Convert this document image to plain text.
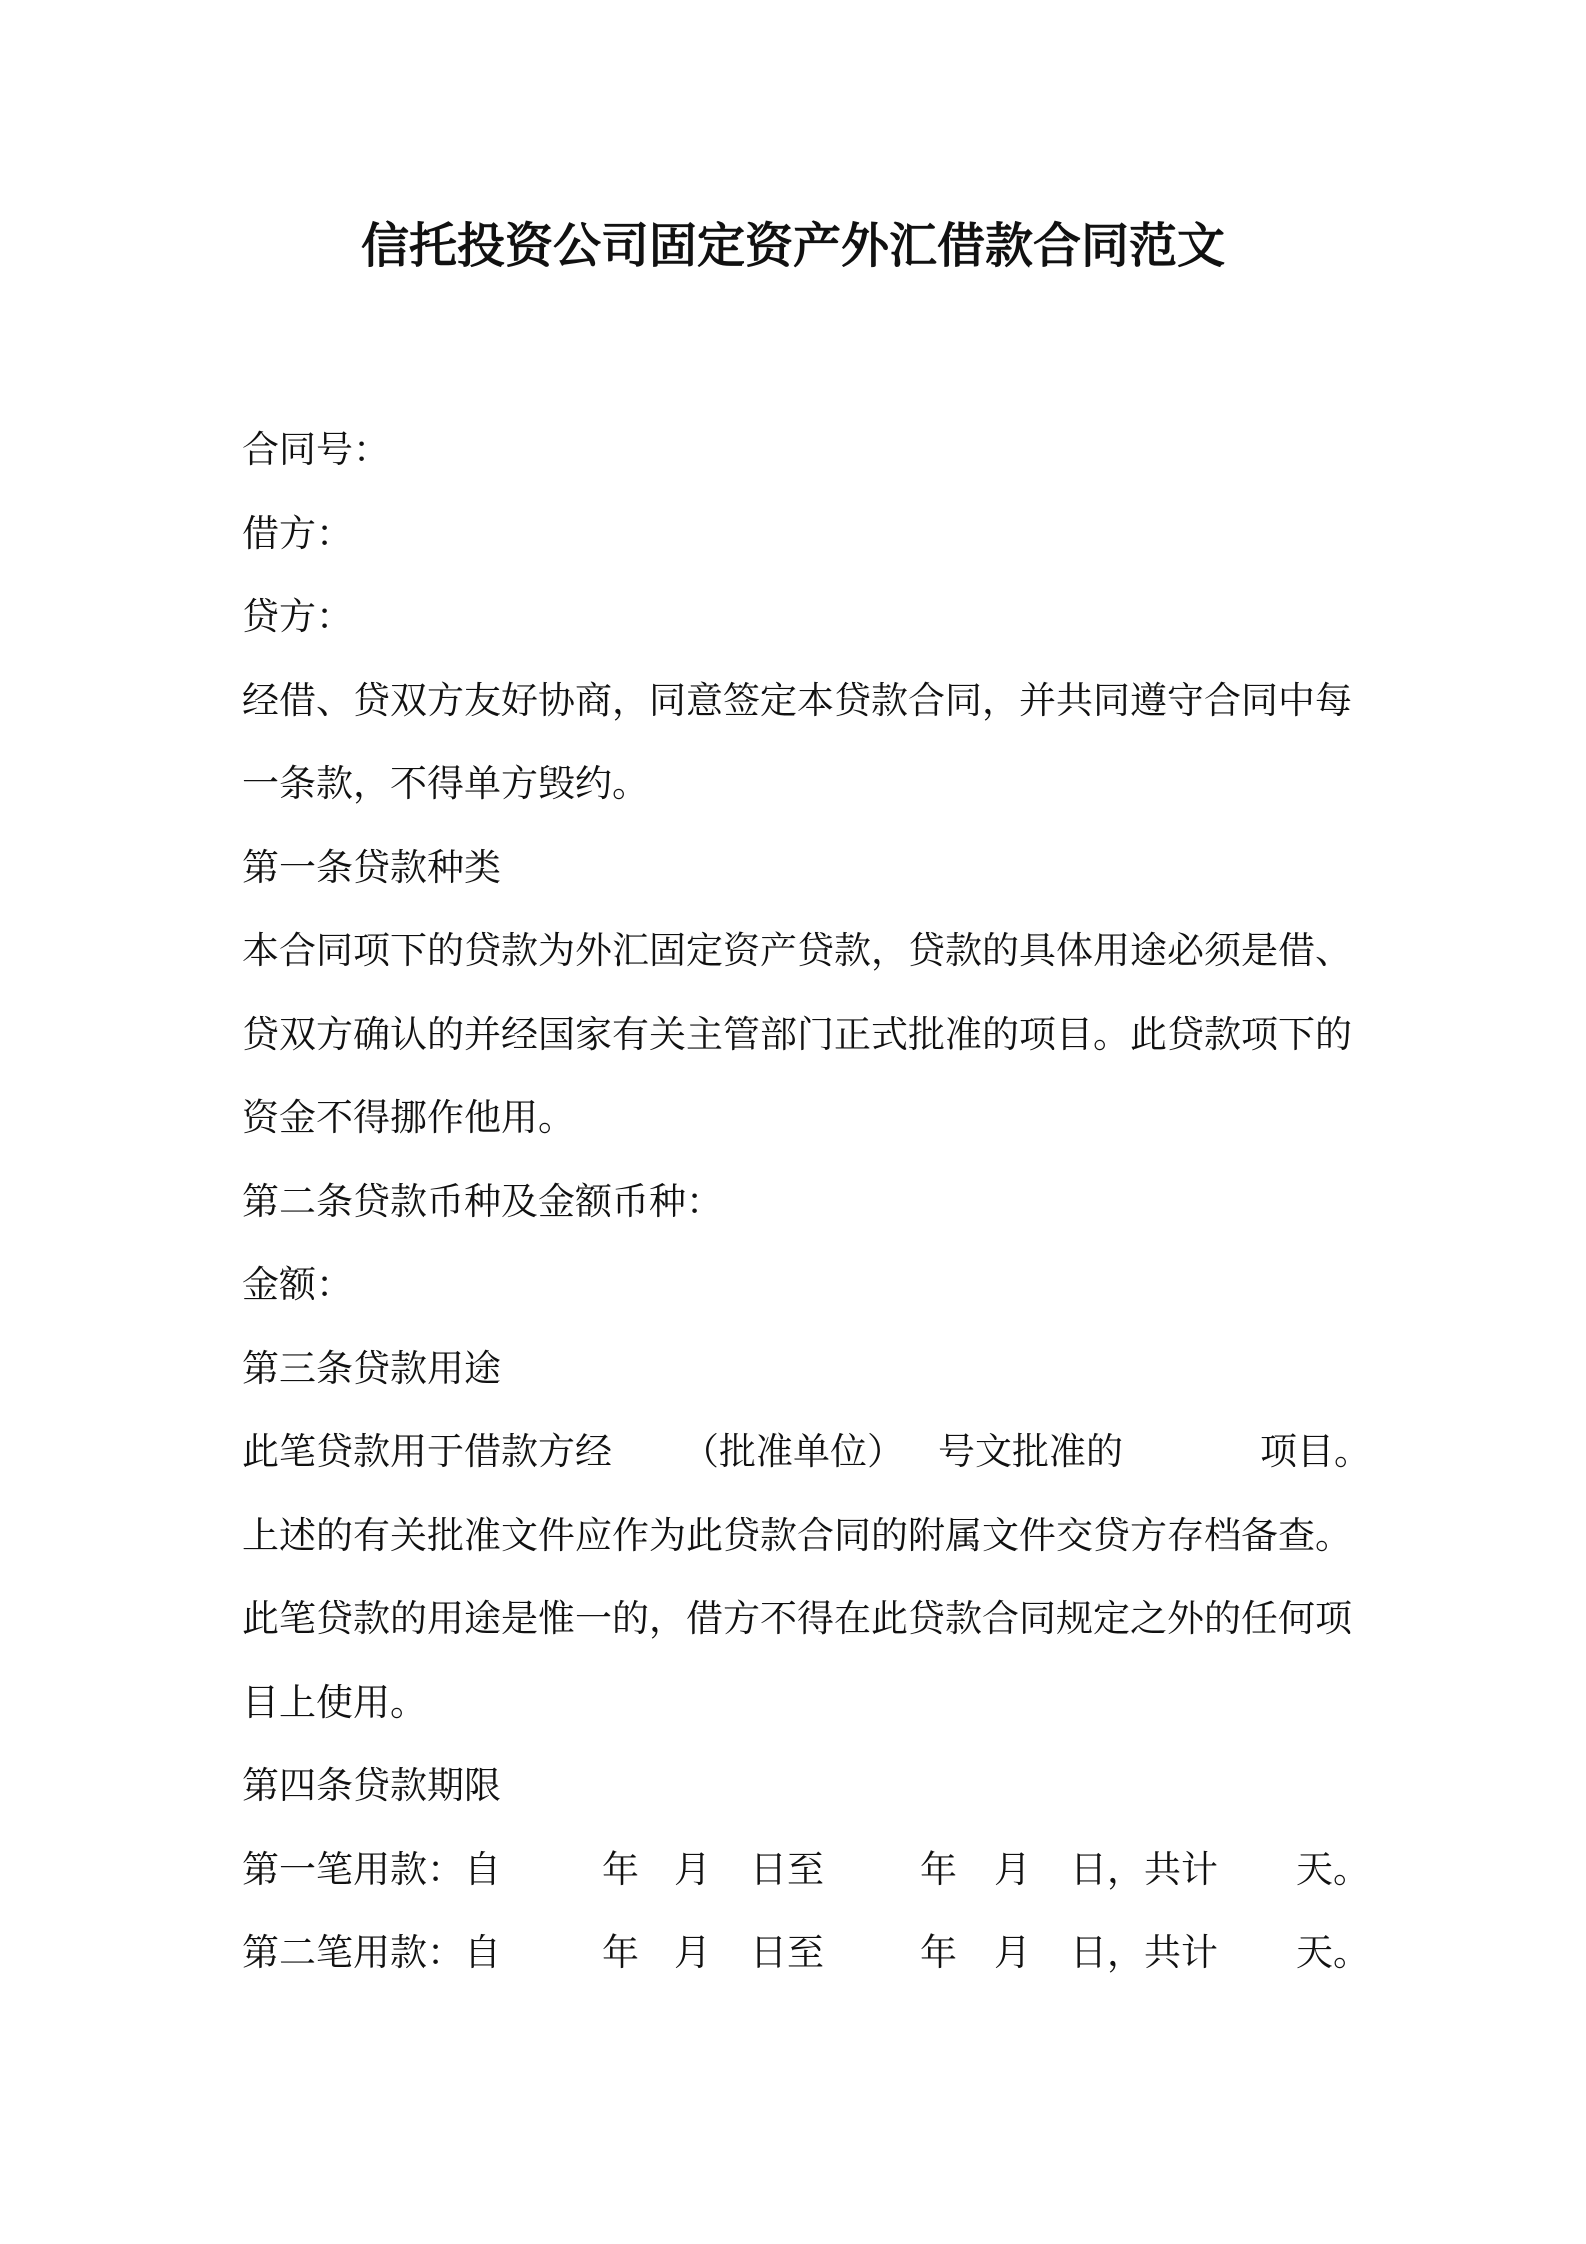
信托投资公司固定资产外汇借款合同范文

合同号：

借方：

贷方：

经借、贷双方友好协商，同意签定本贷款合同，并共同遵守合同中每

一条款，不得单方毁约。

第一条贷款种类

本合同项下的贷款为外汇固定资产贷款，贷款的具体用途必须是借、

贷双方确认的并经国家有关主管部门正式批准的项目。此贷款项下的

资金不得挪作他用。

第二条贷款币种及金额币种：

金额：

第三条贷款用途

此笔贷款用于借款方经 （批准单位） 号文批准的	项目。

上述的有关批准文件应作为此贷款合同的附属文件交贷方存档备查。

此笔贷款的用途是惟一的，借方不得在此贷款合同规定之外的任何项

目上使用。

第四条贷款期限

第一笔用款：自	年 月 日至	年 月 日，共计 天。
第二笔用款：自	年 月 日至	年 月 日，共计 天。
